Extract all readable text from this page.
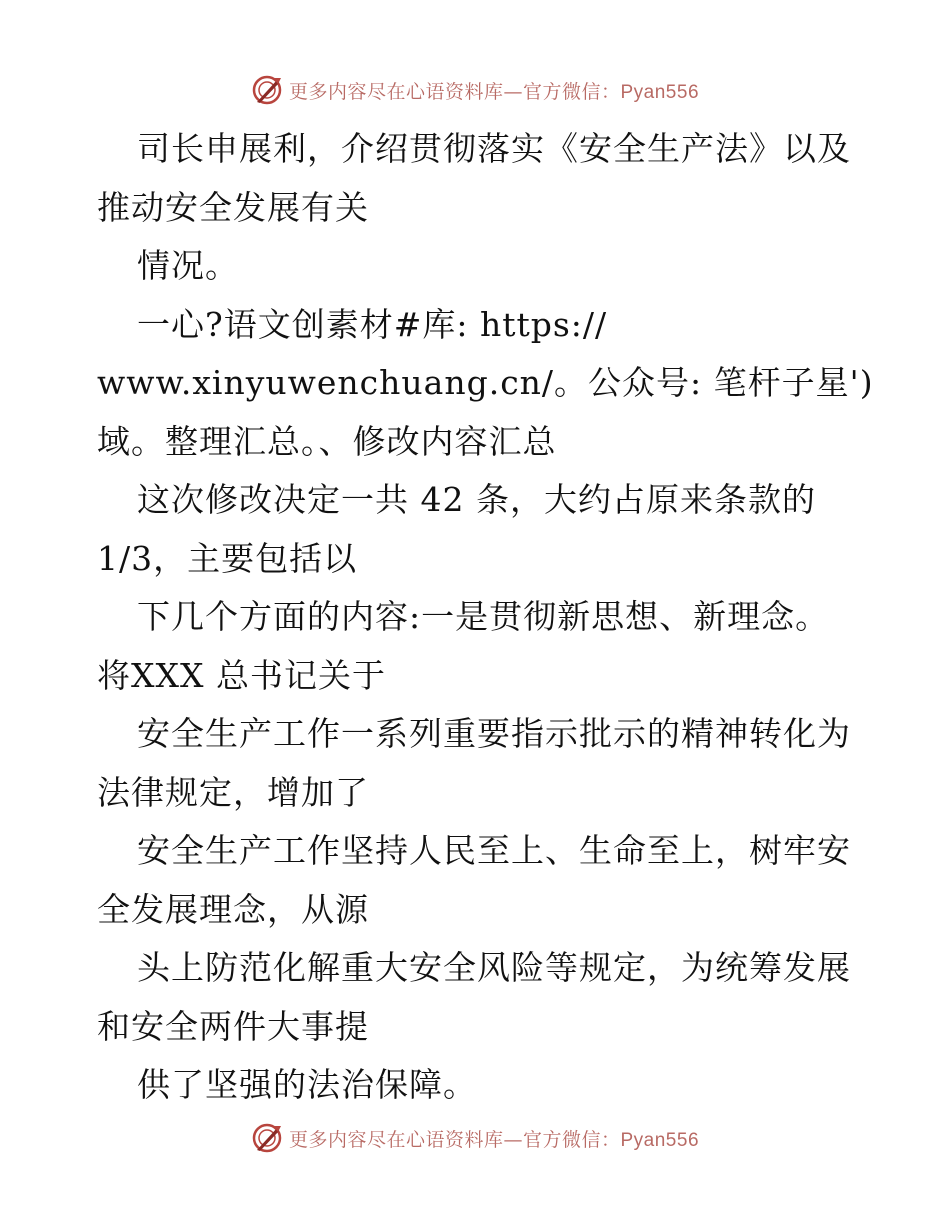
更多内容尽在心语资料库—官方微信：Pyan556
司长申展利，介绍贯彻落实《安全生产法》以及
推动安全发展有关
情况。
一心?语文创素材#库: https://
www.xinyuwenchuang.cn/。公众号: 笔杆子星')
域。整理汇总。、修改内容汇总
这次修改决定一共 42 条，大约占原来条款的
1/3，主要包括以
下几个方面的内容:一是贯彻新思想、新理念。
将XXX 总书记关于
安全生产工作一系列重要指示批示的精神转化为
法律规定，增加了
安全生产工作坚持人民至上、生命至上，树牢安
全发展理念，从源
头上防范化解重大安全风险等规定，为统筹发展
和安全两件大事提
供了坚强的法治保障。
更多内容尽在心语资料库—官方微信：Pyan556
